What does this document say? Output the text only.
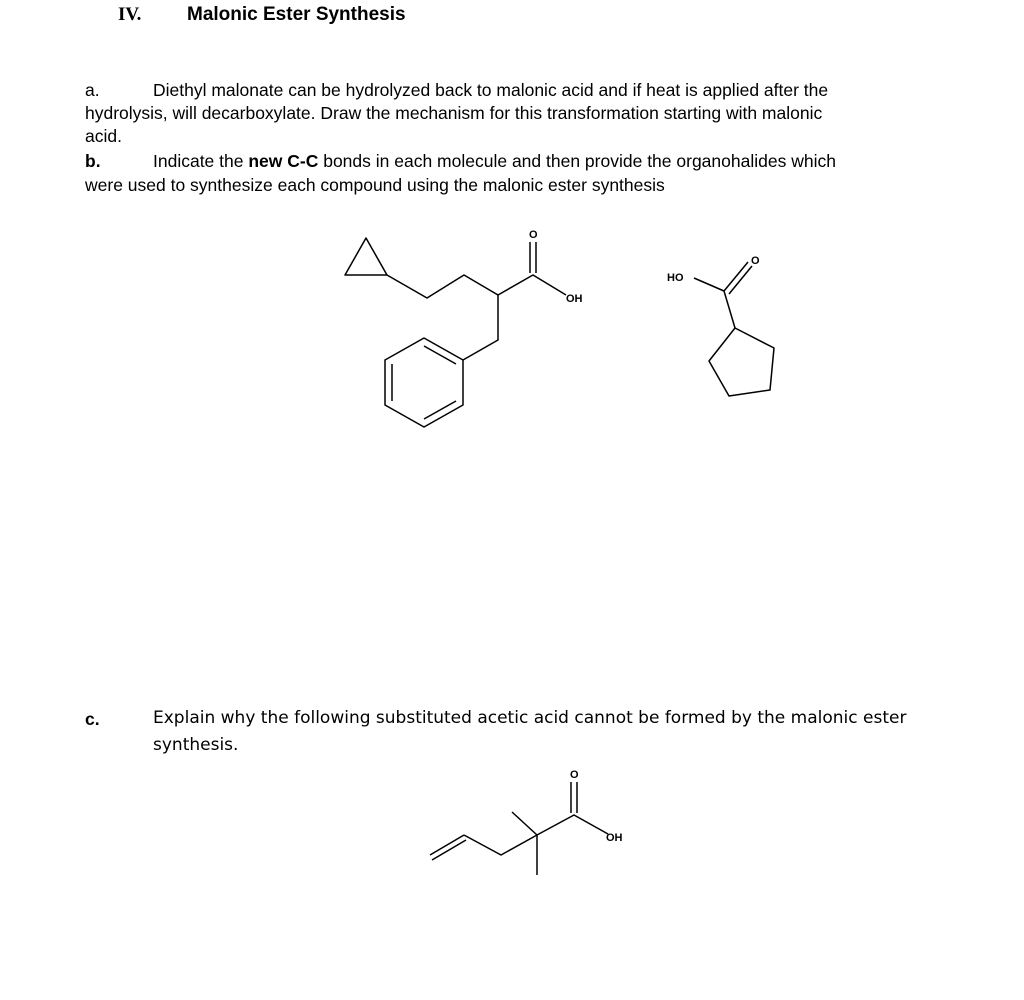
IV. Malonic Ester Synthesis
a.	Diethyl malonate can be hydrolyzed back to malonic acid and if heat is applied after the
hydrolysis, will decarboxylate. Draw the mechanism for this transformation starting with malonic
acid.
b.	Indicate the new C-C bonds in each molecule and then provide the organohalides which
were used to synthesize each compound using the malonic ester synthesis
O
OH
HO
O
c.	Explain why the following substituted acetic acid cannot be formed by the malonic ester
synthesis.
O
OH
